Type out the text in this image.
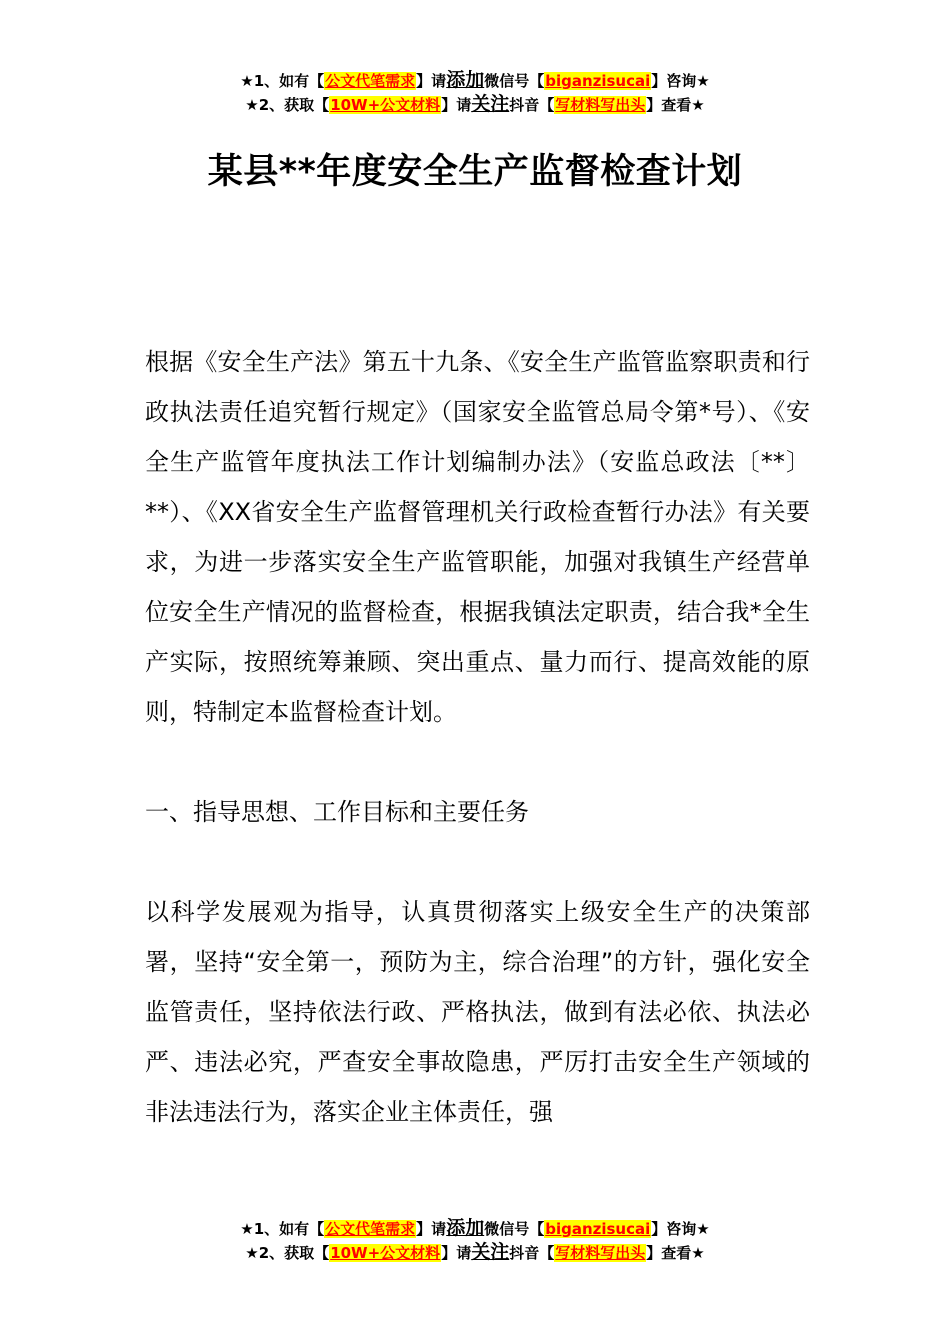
★1、如有【公文代笔需求】请添加微信号【biganzisucai】咨询★
★2、获取【10W+公文材料】请关注抖音【写材料写出头】查看★
某县**年度安全生产监督检查计划

根据《安全生产法》第五十九条、《安全生产监管监察职责和行政执法责任追究暂行规定》（国家安全监管总局令第*号）、《安全生产监管年度执法工作计划编制办法》（安监总政法〔**〕**）、《XX省安全生产监督管理机关行政检查暂行办法》有关要求，为进一步落实安全生产监管职能，加强对我镇生产经营单位安全生产情况的监督检查，根据我镇法定职责，结合我*全生产实际，按照统筹兼顾、突出重点、量力而行、提高效能的原则，特制定本监督检查计划。

一、指导思想、工作目标和主要任务

以科学发展观为指导，认真贯彻落实上级安全生产的决策部署，坚持“安全第一，预防为主，综合治理”的方针，强化安全监管责任，坚持依法行政、严格执法，做到有法必依、执法必严、违法必究，严查安全事故隐患，严厉打击安全生产领域的非法违法行为，落实企业主体责任，强

★1、如有【公文代笔需求】请添加微信号【biganzisucai】咨询★
★2、获取【10W+公文材料】请关注抖音【写材料写出头】查看★
